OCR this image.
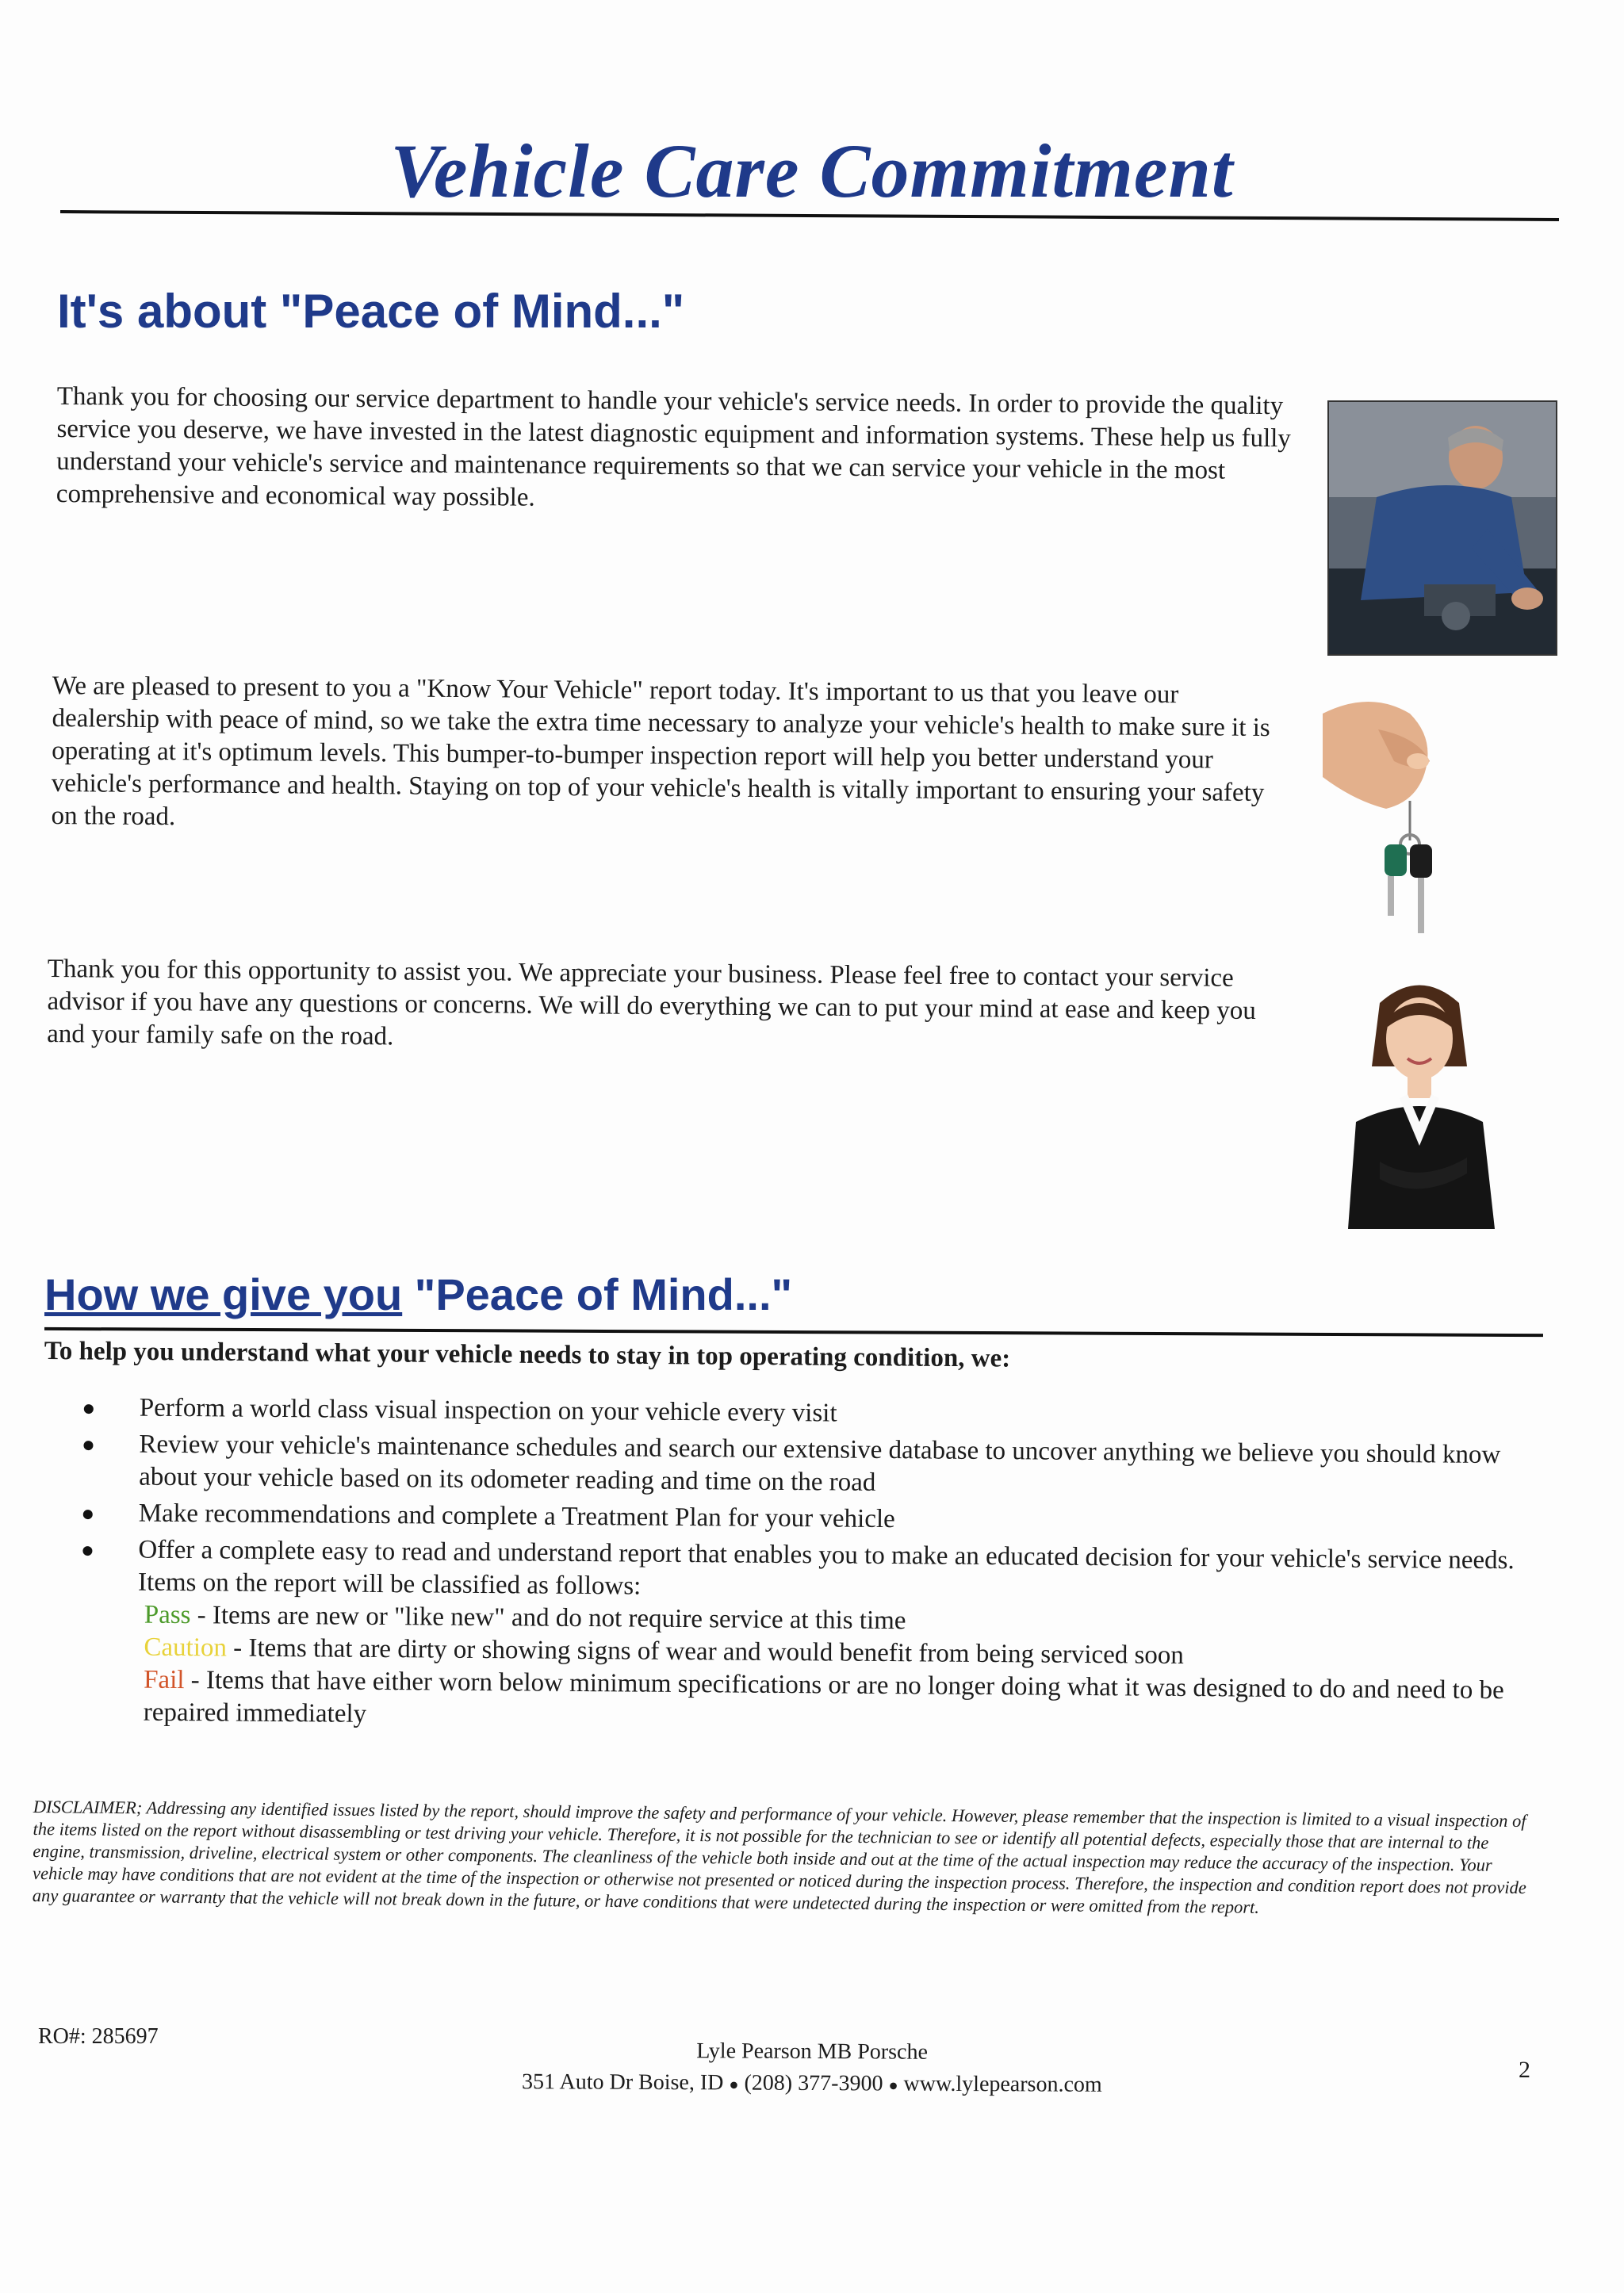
Vehicle Care Commitment
It's about "Peace of Mind..."
Thank you for choosing our service department to handle your vehicle's service needs. In order to provide the quality service you deserve, we have invested in the latest diagnostic equipment and information systems. These help us fully understand your vehicle's service and maintenance requirements so that we can service your vehicle in the most comprehensive and economical way possible.
We are pleased to present to you a "Know Your Vehicle" report today. It's important to us that you leave our dealership with peace of mind, so we take the extra time necessary to analyze your vehicle's health to make sure it is operating at it's optimum levels. This bumper-to-bumper inspection report will help you better understand your vehicle's performance and health. Staying on top of your vehicle's health is vitally important to ensuring your safety on the road.
Thank you for this opportunity to assist you. We appreciate your business. Please feel free to contact your service advisor if you have any questions or concerns. We will do everything we can to put your mind at ease and keep you and your family safe on the road.
How we give you "Peace of Mind..."
To help you understand what your vehicle needs to stay in top operating condition, we:
Perform a world class visual inspection on your vehicle every visit
Review your vehicle's maintenance schedules and search our extensive database to uncover anything we believe you should know about your vehicle based on its odometer reading and time on the road
Make recommendations and complete a Treatment Plan for your vehicle
Offer a complete easy to read and understand report that enables you to make an educated decision for your vehicle's service needs. Items on the report will be classified as follows:
Pass - Items are new or "like new" and do not require service at this time
Caution - Items that are dirty or showing signs of wear and would benefit from being serviced soon
Fail - Items that have either worn below minimum specifications or are no longer doing what it was designed to do and need to be repaired immediately
DISCLAIMER; Addressing any identified issues listed by the report, should improve the safety and performance of your vehicle. However, please remember that the inspection is limited to a visual inspection of the items listed on the report without disassembling or test driving your vehicle. Therefore, it is not possible for the technician to see or identify all potential defects, especially those that are internal to the engine, transmission, driveline, electrical system or other components. The cleanliness of the vehicle both inside and out at the time of the actual inspection may reduce the accuracy of the inspection. Your vehicle may have conditions that are not evident at the time of the inspection or otherwise not presented or noticed during the inspection process. Therefore, the inspection and condition report does not provide any guarantee or warranty that the vehicle will not break down in the future, or have conditions that were undetected during the inspection or were omitted from the report.
RO#: 285697
Lyle Pearson MB Porsche
351 Auto Dr Boise, ID ● (208) 377-3900 ● www.lylepearson.com
2
